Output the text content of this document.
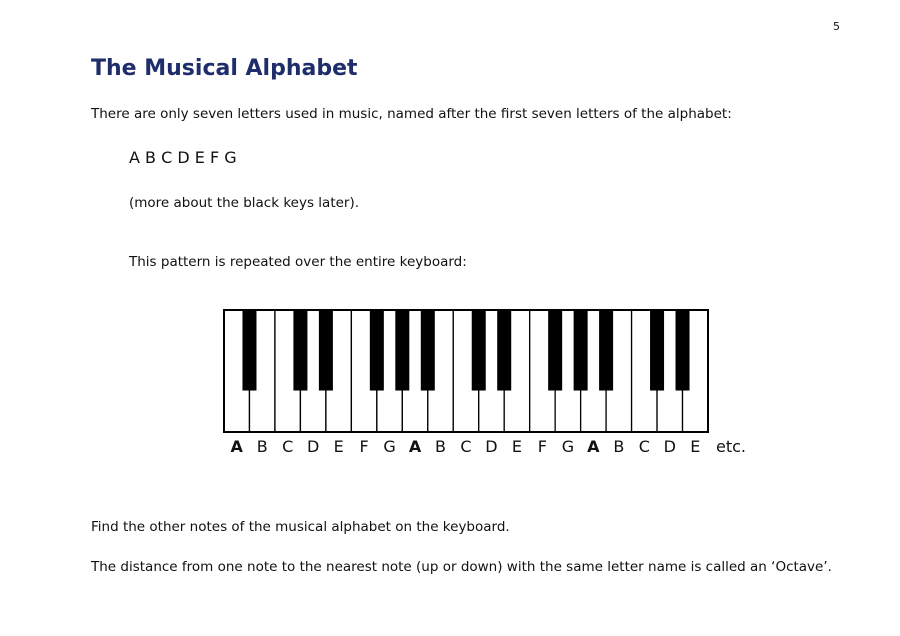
5
The Musical Alphabet

There are only seven letters used in music, named after the first seven letters of the alphabet:

A B C D E F G

(more about the black keys later).

This pattern is repeated over the entire keyboard:

A B C D E F G A B C D E F G A B C D E etc.

Find the other notes of the musical alphabet on the keyboard.

The distance from one note to the nearest note (up or down) with the same letter name is called an ‘Octave’.
